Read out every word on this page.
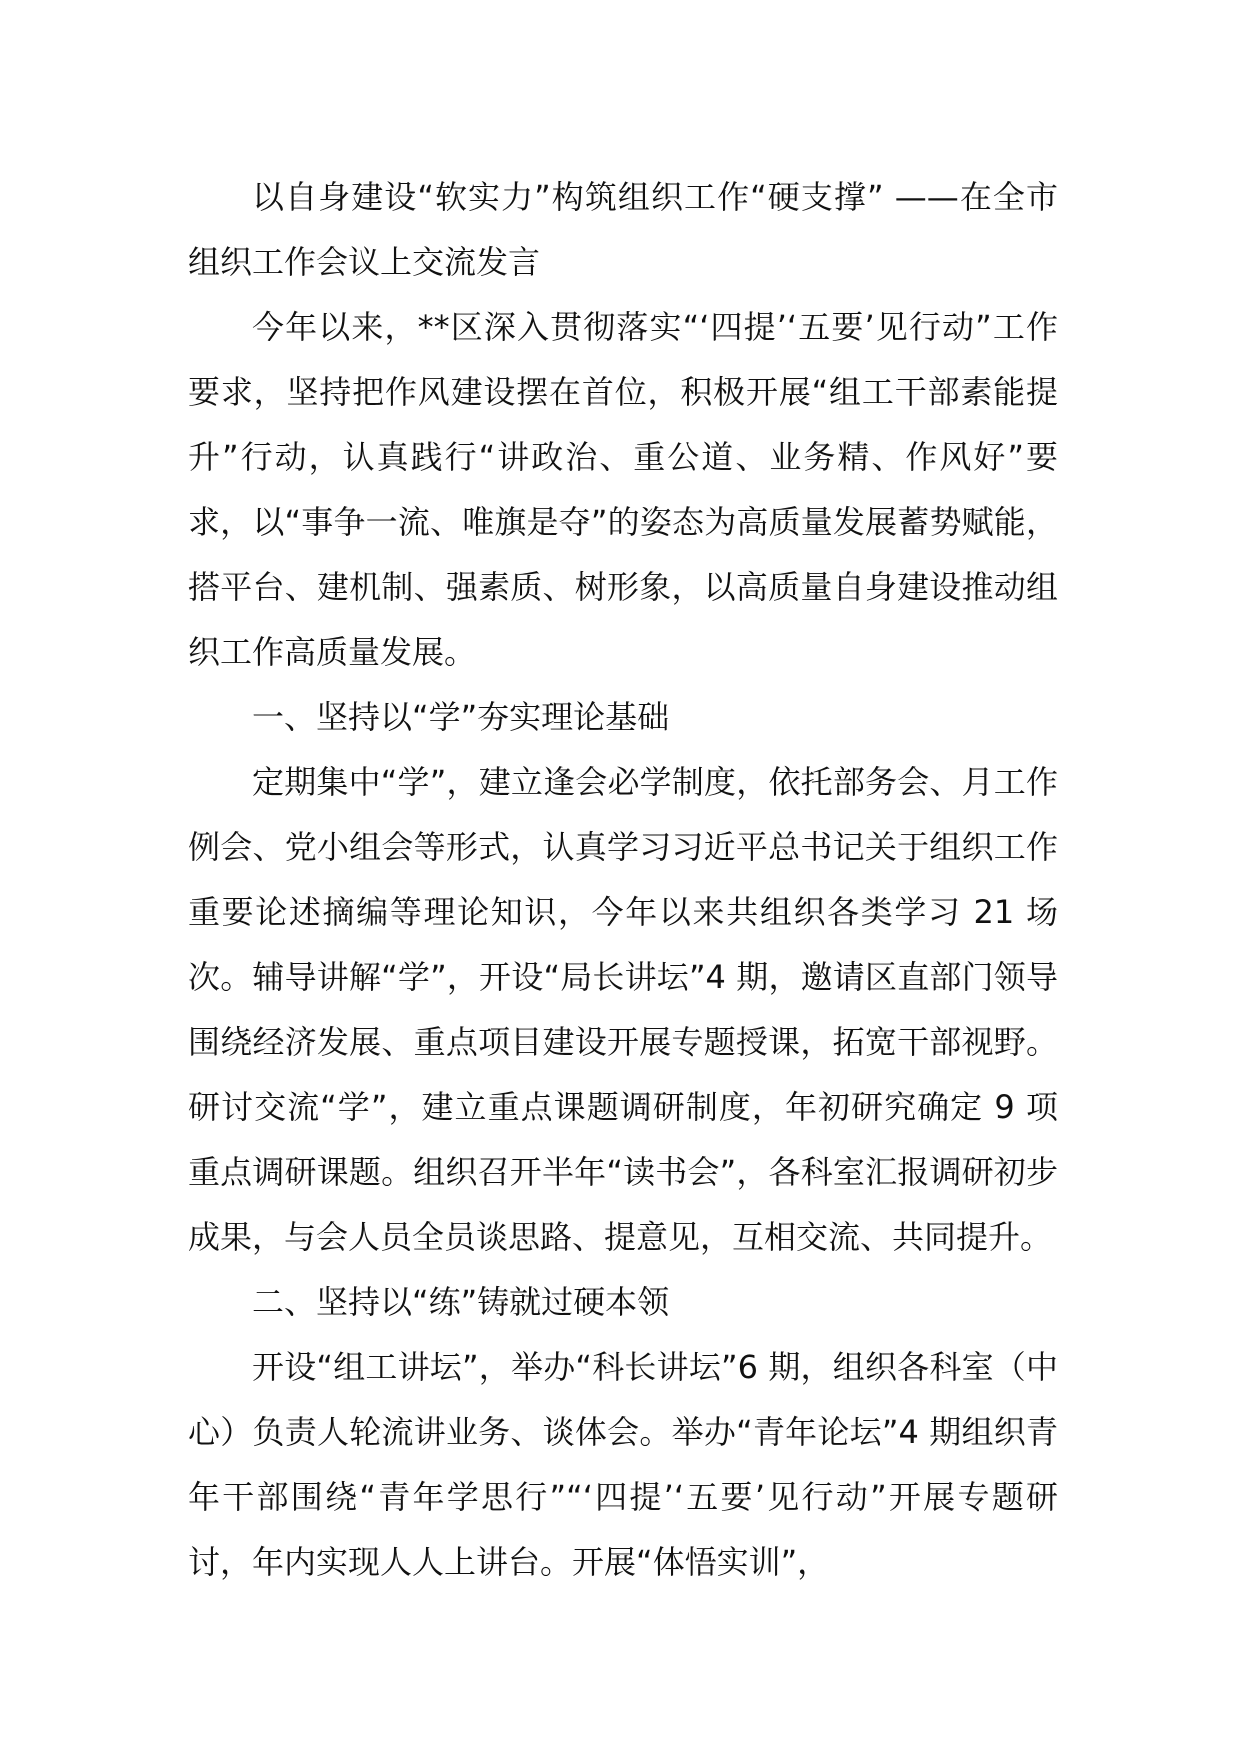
以自身建设“软实力”构筑组织工作“硬支撑” ——在全市组织工作会议上交流发言

今年以来，**区深入贯彻落实“‘四提’‘五要’见行动”工作要求，坚持把作风建设摆在首位，积极开展“组工干部素能提升”行动，认真践行“讲政治、重公道、业务精、作风好”要求，以“事争一流、唯旗是夺”的姿态为高质量发展蓄势赋能，搭平台、建机制、强素质、树形象，以高质量自身建设推动组织工作高质量发展。

一、坚持以“学”夯实理论基础

定期集中“学”，建立逢会必学制度，依托部务会、月工作例会、党小组会等形式，认真学习习近平总书记关于组织工作重要论述摘编等理论知识，今年以来共组织各类学习 21 场次。辅导讲解“学”，开设“局长讲坛”4 期，邀请区直部门领导围绕经济发展、重点项目建设开展专题授课，拓宽干部视野。研讨交流“学”，建立重点课题调研制度，年初研究确定 9 项重点调研课题。组织召开半年“读书会”，各科室汇报调研初步成果，与会人员全员谈思路、提意见，互相交流、共同提升。

二、坚持以“练”铸就过硬本领

开设“组工讲坛”，举办“科长讲坛”6 期，组织各科室（中心）负责人轮流讲业务、谈体会。举办“青年论坛”4 期组织青年干部围绕“青年学思行”“‘四提’‘五要’见行动”开展专题研讨，年内实现人人上讲台。开展“体悟实训”，
